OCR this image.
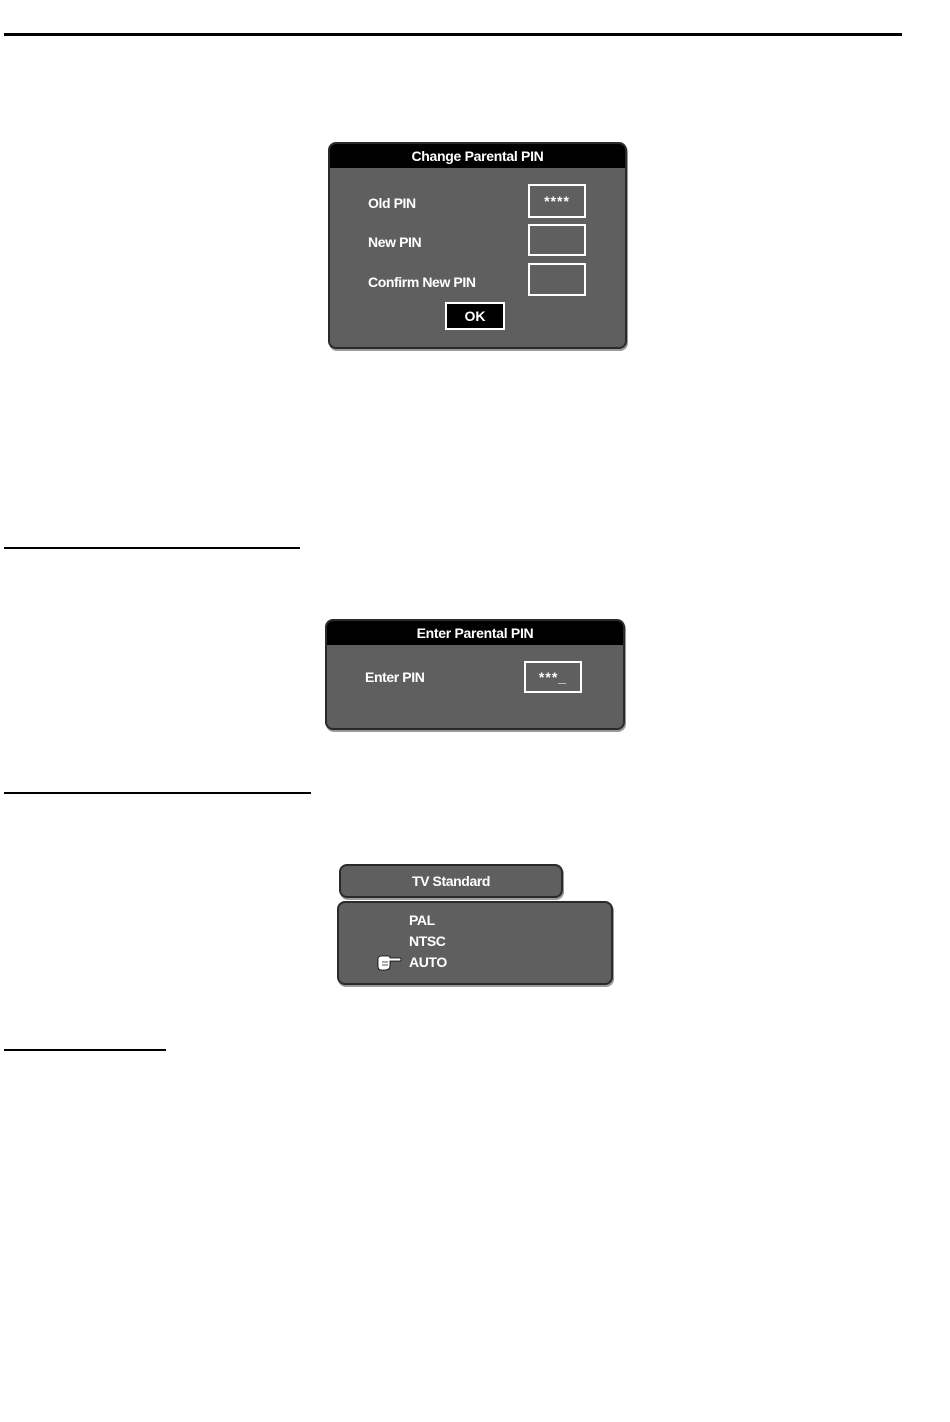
Change Parental PIN
Old PIN	****
New PIN
Confirm New PIN
OK
Enter Parental PIN
Enter PIN	***_
TV Standard
PAL
NTSC
AUTO
